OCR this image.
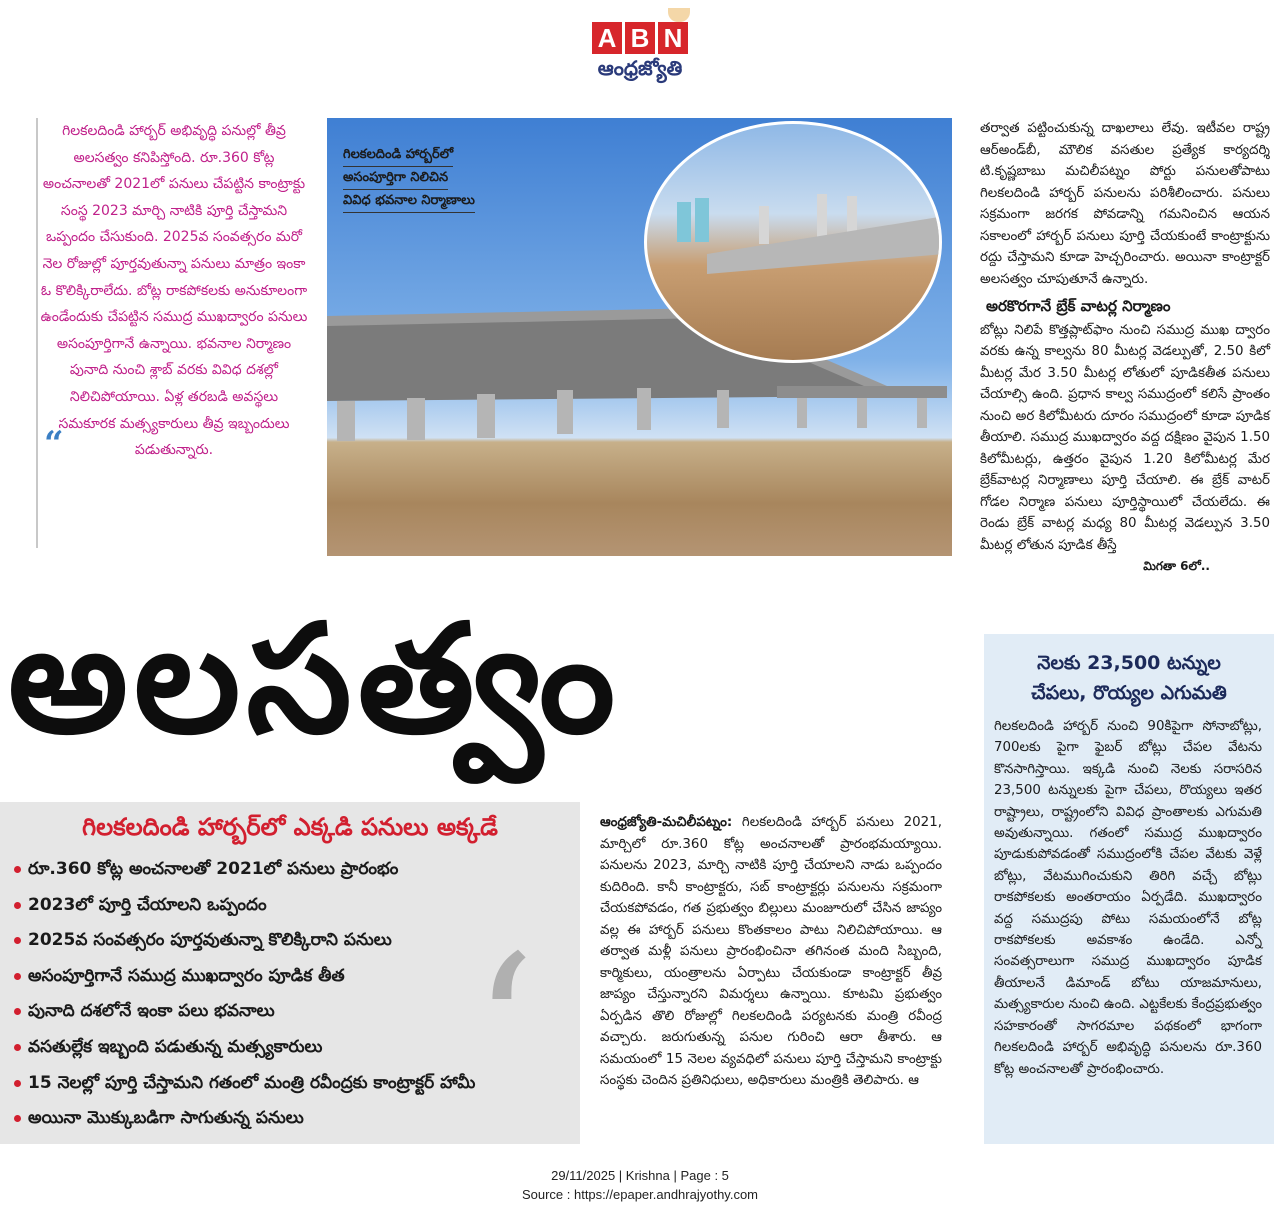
A B N
ఆంధ్రజ్యోతి
“

గిలకలదిండి హార్బర్ అభివృద్ధి పనుల్లో తీవ్ర అలసత్వం కనిపిస్తోంది. రూ.360 కోట్ల అంచనాలతో 2021లో పనులు చేపట్టిన కాంట్రాక్టు సంస్థ 2023 మార్చి నాటికి పూర్తి చేస్తామని ఒప్పందం చేసుకుంది. 2025వ సంవత్సరం మరో నెల రోజుల్లో పూర్తవుతున్నా పనులు మాత్రం ఇంకా ఓ కొలిక్కిరాలేదు. బోట్ల రాకపోకలకు అనుకూలంగా ఉండేందుకు చేపట్టిన సముద్ర ముఖద్వారం పనులు అసంపూర్తిగానే ఉన్నాయి. భవనాల నిర్మాణం పునాది నుంచి శ్లాబ్ వరకు వివిధ దశల్లో నిలిచిపోయాయి. ఏళ్ల తరబడి అవస్థలు సమకూరక మత్స్యకారులు తీవ్ర ఇబ్బందులు పడుతున్నారు.

గిలకలదిండి హార్బర్‌లో
అసంపూర్తిగా నిలిచిన
వివిధ భవనాల నిర్మాణాలు

తర్వాత పట్టించుకున్న దాఖలాలు లేవు. ఇటీవల రాష్ట్ర ఆర్‌అండ్‌బీ, మౌలిక వసతుల ప్రత్యేక కార్యదర్శి టి.కృష్ణబాబు మచిలీపట్నం పోర్టు పనులతోపాటు గిలకలదిండి హార్బర్ పనులను పరిశీలించారు. పనులు సక్రమంగా జరగక పోవడాన్ని గమనించిన ఆయన సకాలంలో హార్బర్ పనులు పూర్తి చేయకుంటే కాంట్రాక్టును రద్దు చేస్తామని కూడా హెచ్చరించారు. అయినా కాంట్రాక్టర్ అలసత్వం చూపుతూనే ఉన్నారు.

అరకొరగానే బ్రేక్ వాటర్ల నిర్మాణం

బోట్లు నిలిపే కొత్తప్లాట్‌ఫాం నుంచి సముద్ర ముఖ ద్వారం వరకు ఉన్న కాల్వను 80 మీటర్ల వెడల్పుతో, 2.50 కిలో మీటర్ల మేర 3.50 మీటర్ల లోతులో పూడికతీత పనులు చేయాల్సి ఉంది. ప్రధాన కాల్వ సముద్రంలో కలిసే ప్రాంతం నుంచి అర కిలోమీటరు దూరం సముద్రంలో కూడా పూడిక తీయాలి. సముద్ర ముఖద్వారం వద్ద దక్షిణం వైపున 1.50 కిలోమీటర్లు, ఉత్తరం వైపున 1.20 కిలోమీటర్ల మేర బ్రేక్‌వాటర్ల నిర్మాణాలు పూర్తి చేయాలి. ఈ బ్రేక్ వాటర్ గోడల నిర్మాణ పనులు పూర్తిస్థాయిలో చేయలేదు. ఈ రెండు బ్రేక్ వాటర్ల మధ్య 80 మీటర్ల వెడల్పున 3.50 మీటర్ల లోతున పూడిక తీస్తే

మిగతా 6లో..
అలసత్వం	నెలకు 23,500 టన్నుల
చేపలు, రొయ్యల ఎగుమతి

గిలకలదిండి హార్బర్ నుంచి 90కిపైగా సోనాబోట్లు, 700లకు పైగా ఫైబర్ బోట్లు చేపల వేటను కొనసాగిస్తాయి. ఇక్కడి నుంచి నెలకు సరాసరిన 23,500 టన్నులకు పైగా చేపలు, రొయ్యలు ఇతర రాష్ట్రాలు, రాష్ట్రంలోని వివిధ ప్రాంతాలకు ఎగుమతి అవుతున్నాయి. గతంలో సముద్ర ముఖద్వారం పూడుకుపోవడంతో సముద్రంలోకి చేపల వేటకు వెళ్లే బోట్లు, వేటముగించుకుని తిరిగి వచ్చే బోట్లు రాకపోకలకు అంతరాయం ఏర్పడేది. ముఖద్వారం వద్ద సముద్రపు పోటు సమయంలోనే బోట్ల రాకపోకలకు అవకాశం ఉండేది. ఎన్నో సంవత్సరాలుగా సముద్ర ముఖద్వారం పూడిక తీయాలనే డిమాండ్ బోటు యాజమానులు, మత్స్యకారుల నుంచి ఉంది. ఎట్టకేలకు కేంద్రప్రభుత్వం సహకారంతో సాగరమాల పథకంలో భాగంగా గిలకలదిండి హార్బర్ అభివృద్ధి పనులను రూ.360 కోట్ల అంచనాలతో ప్రారంభించారు.

గిలకలదిండి హార్బర్‌లో ఎక్కడి పనులు అక్కడే
‘
రూ.360 కోట్ల అంచనాలతో 2021లో పనులు ప్రారంభం
2023లో పూర్తి చేయాలని ఒప్పందం
2025వ సంవత్సరం పూర్తవుతున్నా కొలిక్కిరాని పనులు
అసంపూర్తిగానే సముద్ర ముఖద్వారం పూడిక తీత
పునాది దశలోనే ఇంకా పలు భవనాలు
వసతుల్లేక ఇబ్బంది పడుతున్న మత్స్యకారులు
15 నెలల్లో పూర్తి చేస్తామని గతంలో మంత్రి రవీంద్రకు కాంట్రాక్టర్ హామీ
అయినా మొక్కుబడిగా సాగుతున్న పనులు
ఆంధ్రజ్యోతి-మచిలీపట్నం: గిలకలదిండి హార్బర్ పనులు 2021, మార్చిలో రూ.360 కోట్ల అంచనాలతో ప్రారంభమయ్యాయి. పనులను 2023, మార్చి నాటికి పూర్తి చేయాలని నాడు ఒప్పందం కుదిరింది. కానీ కాంట్రాక్టరు, సబ్ కాంట్రాక్టర్లు పనులను సక్రమంగా చేయకపోవడం, గత ప్రభుత్వం బిల్లులు మంజూరులో చేసిన జాప్యం వల్ల ఈ హార్బర్ పనులు కొంతకాలం పాటు నిలిచిపోయాయి. ఆ తర్వాత మళ్లీ పనులు ప్రారంభించినా తగినంత మంది సిబ్బంది, కార్మికులు, యంత్రాలను ఏర్పాటు చేయకుండా కాంట్రాక్టర్ తీవ్ర జాప్యం చేస్తున్నారని విమర్శలు ఉన్నాయి. కూటమి ప్రభుత్వం ఏర్పడిన తొలి రోజుల్లో గిలకలదిండి పర్యటనకు మంత్రి రవీంద్ర వచ్చారు. జరుగుతున్న పనుల గురించి ఆరా తీశారు. ఆ సమయంలో 15 నెలల వ్యవధిలో పనులు పూర్తి చేస్తామని కాంట్రాక్టు సంస్థకు చెందిన ప్రతినిధులు, అధికారులు మంత్రికి తెలిపారు. ఆ
29/11/2025 | Krishna | Page : 5
Source : https://epaper.andhrajyothy.com
